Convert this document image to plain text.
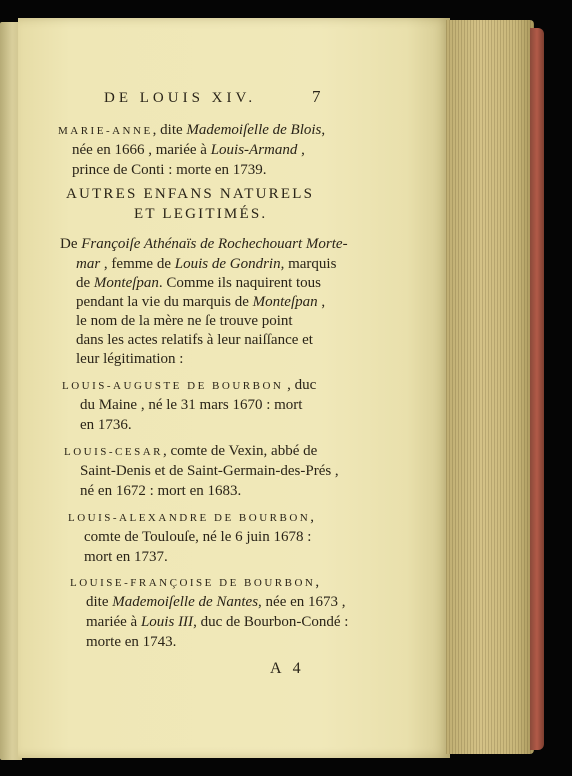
DE LOUIS XIV.	7
MARIE-ANNE, dite Mademoiſelle de Blois,
née en 1666 , mariée à Louis-Armand ,
prince de Conti : morte en 1739.
AUTRES ENFANS NATURELS
ET LEGITIMÉS.
De Françoiſe Athénaïs de Rochechouart Morte-
mar , femme de Louis de Gondrin, marquis
de Monteſpan. Comme ils naquirent tous
pendant la vie du marquis de Monteſpan ,
le nom de la mère ne ſe trouve point
dans les actes relatifs à leur naiſſance et
leur légitimation :
LOUIS-AUGUSTE DE BOURBON , duc
du Maine , né le 31 mars 1670 : mort
en 1736.
LOUIS-CESAR, comte de Vexin, abbé de
Saint-Denis et de Saint-Germain-des-Prés ,
né en 1672 : mort en 1683.
LOUIS-ALEXANDRE DE BOURBON,
comte de Toulouſe, né le 6 juin 1678 :
mort en 1737.
LOUISE-FRANÇOISE DE BOURBON,
dite Mademoiſelle de Nantes, née en 1673 ,
mariée à Louis III, duc de Bourbon-Condé :
morte en 1743.
A 4
